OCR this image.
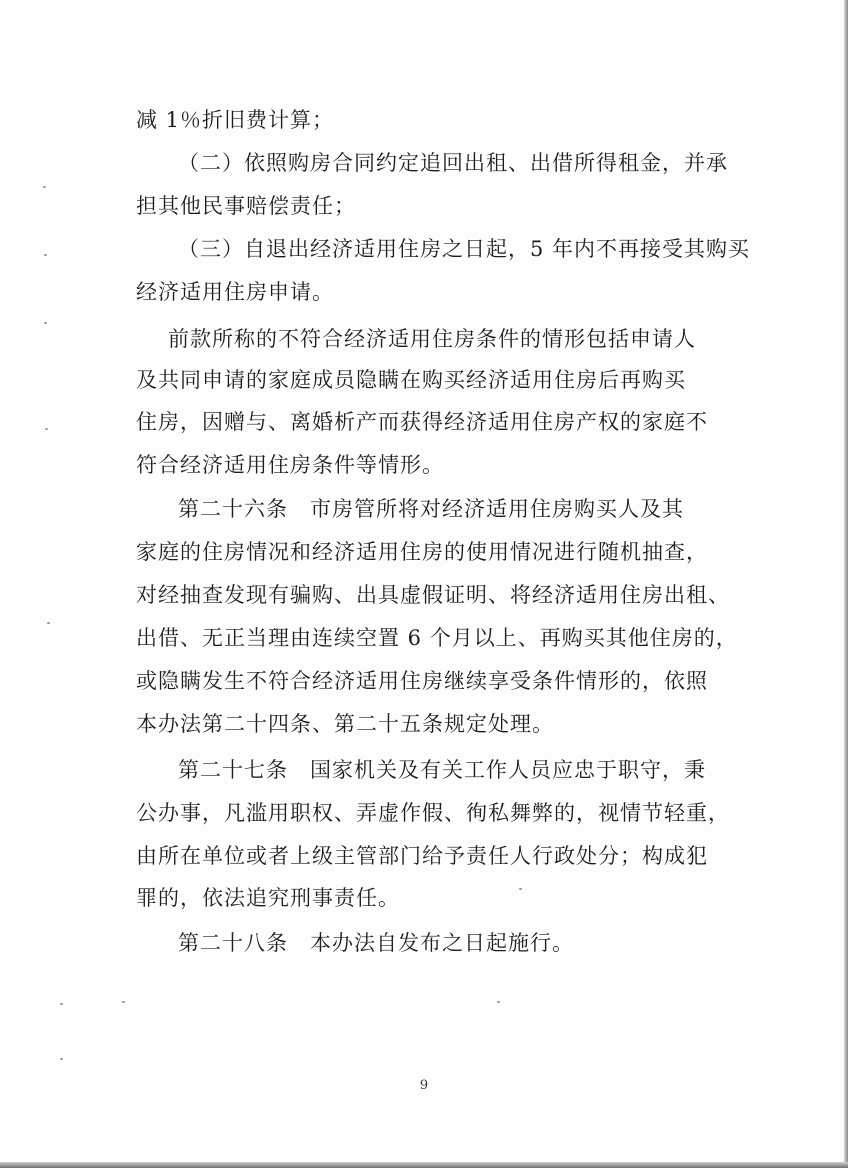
减 1％折旧费计算；
（二）依照购房合同约定追回出租、出借所得租金，并承
担其他民事赔偿责任；
（三）自退出经济适用住房之日起，5 年内不再接受其购买
经济适用住房申请。
前款所称的不符合经济适用住房条件的情形包括申请人
及共同申请的家庭成员隐瞒在购买经济适用住房后再购买
住房，因赠与、离婚析产而获得经济适用住房产权的家庭不
符合经济适用住房条件等情形。
第二十六条　市房管所将对经济适用住房购买人及其
家庭的住房情况和经济适用住房的使用情况进行随机抽查，
对经抽查发现有骗购、出具虚假证明、将经济适用住房出租、
出借、无正当理由连续空置 6 个月以上、再购买其他住房的，
或隐瞒发生不符合经济适用住房继续享受条件情形的，依照
本办法第二十四条、第二十五条规定处理。
第二十七条　国家机关及有关工作人员应忠于职守，秉
公办事，凡滥用职权、弄虚作假、徇私舞弊的，视情节轻重，
由所在单位或者上级主管部门给予责任人行政处分；构成犯
罪的，依法追究刑事责任。
第二十八条　本办法自发布之日起施行。
9
